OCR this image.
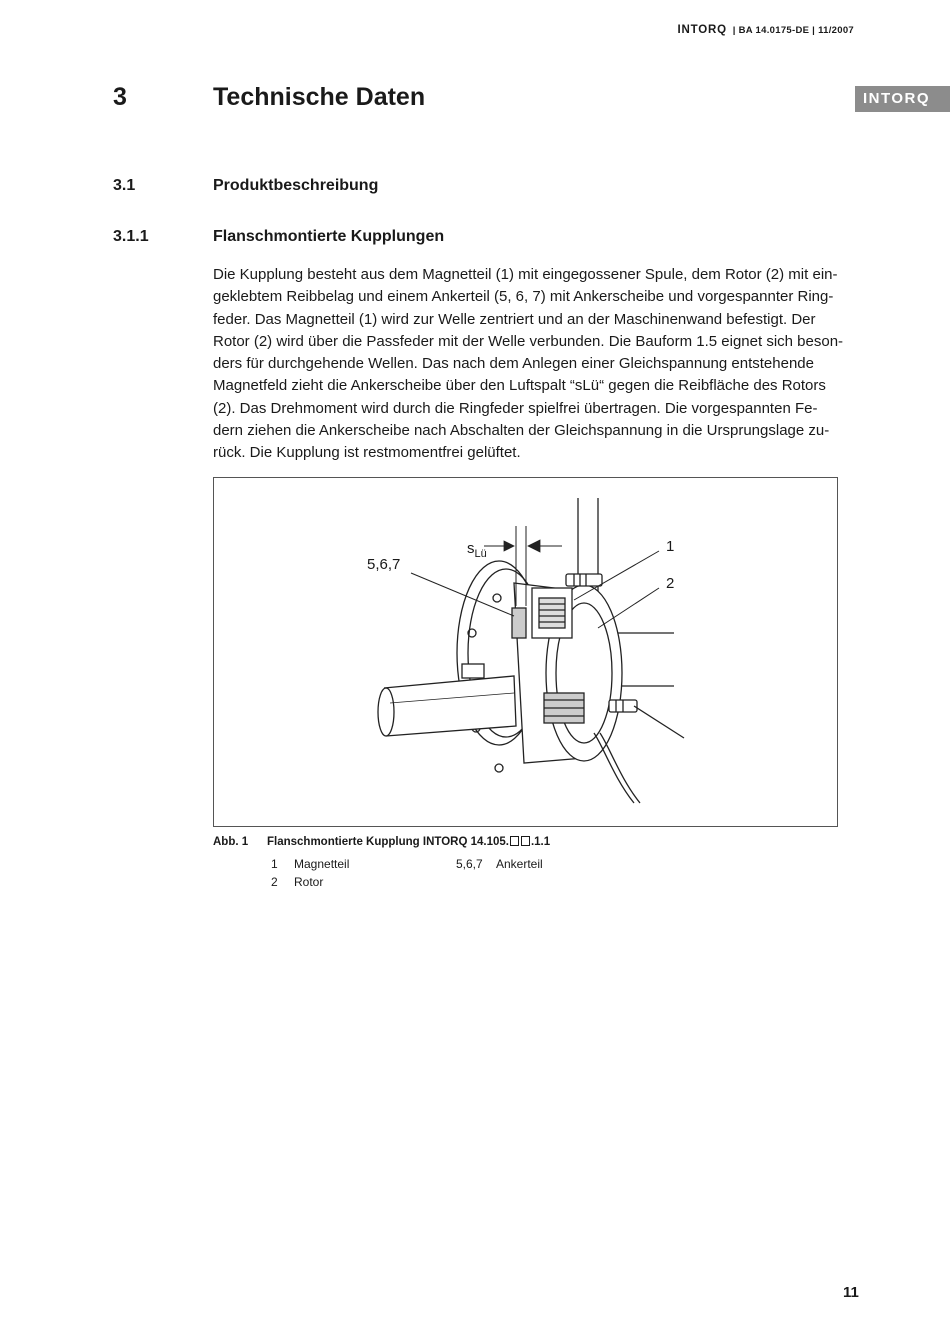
INTORQ | BA 14.0175-DE | 11/2007
INTORQ
3	Technische Daten
3.1	Produktbeschreibung
3.1.1	Flanschmontierte Kupplungen
Die Kupplung besteht aus dem Magnetteil (1) mit eingegossener Spule, dem Rotor (2) mit ein-
geklebtem Reibbelag und einem Ankerteil (5, 6, 7) mit Ankerscheibe und vorgespannter Ring-
feder. Das Magnetteil (1) wird zur Welle zentriert und an der Maschinenwand befestigt. Der
Rotor (2) wird über die Passfeder mit der Welle verbunden. Die Bauform 1.5 eignet sich beson-
ders für durchgehende Wellen. Das nach dem Anlegen einer Gleichspannung entstehende
Magnetfeld zieht die Ankerscheibe über den Luftspalt “sLü“ gegen die Reibfläche des Rotors
(2). Das Drehmoment wird durch die Ringfeder spielfrei übertragen. Die vorgespannten Fe-
dern ziehen die Ankerscheibe nach Abschalten der Gleichspannung in die Ursprungslage zu-
rück. Die Kupplung ist restmomentfrei gelüftet.
5,6,7
$s_{Lü}$	1
2
Abb. 1 Flanschmontierte Kupplung INTORQ 14.105. .1.1
1 Magnetteil
2 Rotor
5,6,7 Ankerteil
11
